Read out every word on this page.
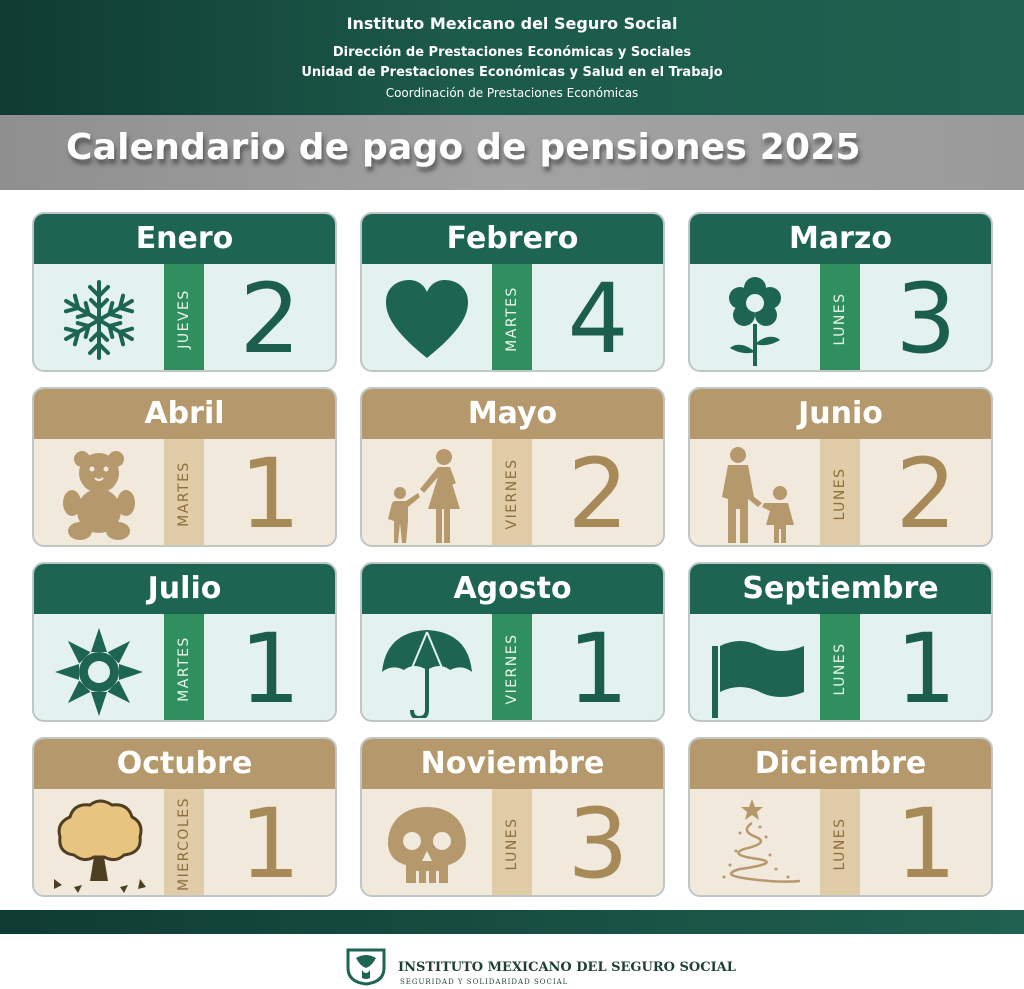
Instituto Mexicano del Seguro Social
Dirección de Prestaciones Económicas y Sociales
Unidad de Prestaciones Económicas y Salud en el Trabajo
Coordinación de Prestaciones Económicas
Calendario de pago de pensiones 2025
Enero
JUEVES 2
Febrero
MARTES 4
Marzo
LUNES 3
Abril
MARTES 1
Mayo
VIERNES 2
Junio
LUNES 2
Julio
MARTES 1
Agosto
VIERNES 1
Septiembre
LUNES 1
Octubre
MIERCOLES 1
Noviembre
LUNES 3
Diciembre
LUNES 1
INSTITUTO MEXICANO DEL SEGURO SOCIAL
SEGURIDAD Y SOLIDARIDAD SOCIAL
